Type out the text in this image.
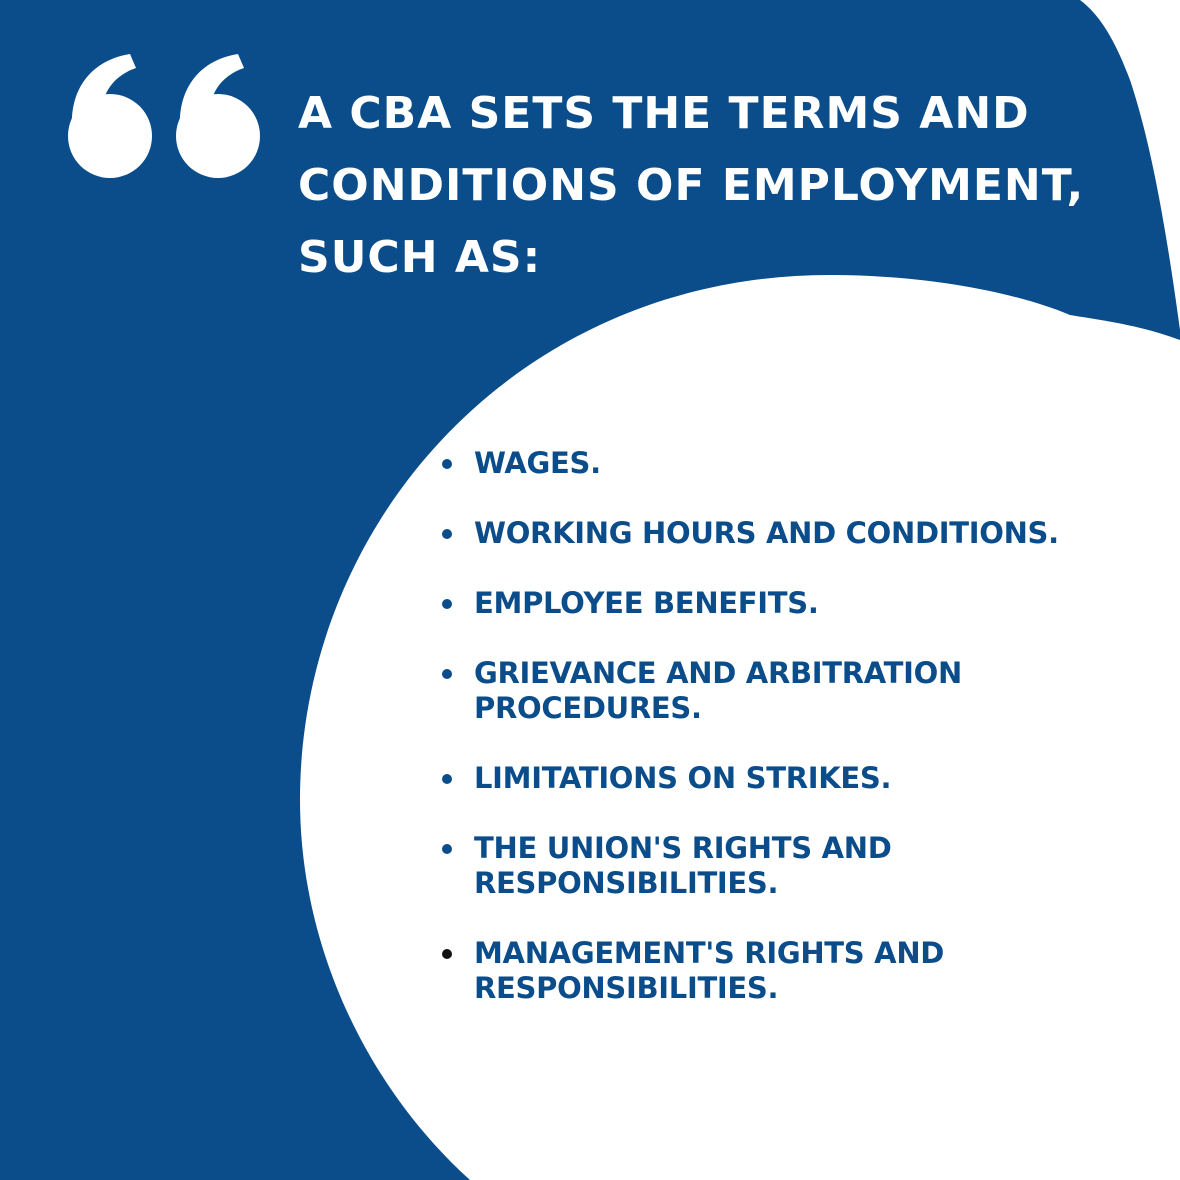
A CBA SETS THE TERMS AND
CONDITIONS OF EMPLOYMENT,
SUCH AS:
WAGES.
WORKING HOURS AND CONDITIONS.
EMPLOYEE BENEFITS.
GRIEVANCE AND ARBITRATION
PROCEDURES.
LIMITATIONS ON STRIKES.
THE UNION'S RIGHTS AND
RESPONSIBILITIES.
MANAGEMENT'S RIGHTS AND
RESPONSIBILITIES.
